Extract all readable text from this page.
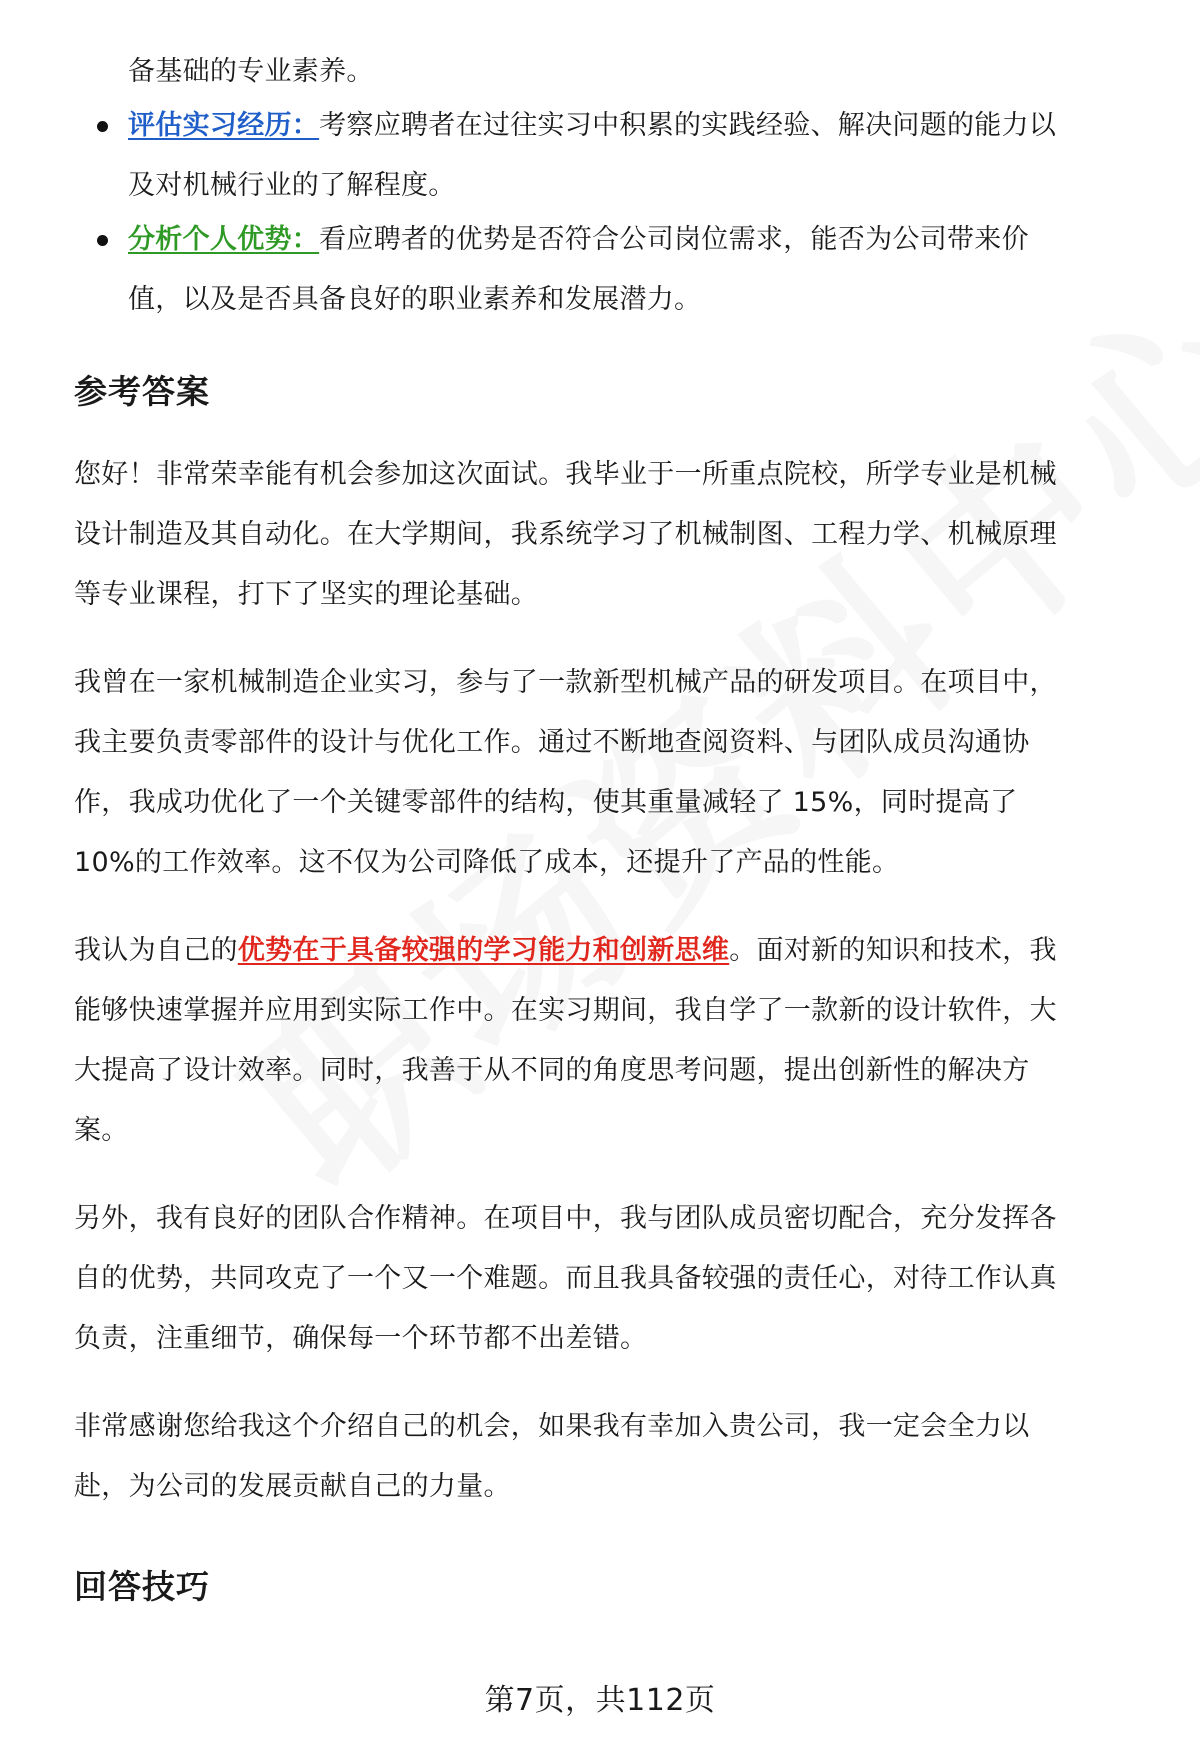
备基础的专业素养。

评估实习经历：考察应聘者在过往实习中积累的实践经验、解决问题的能力以
及对机械行业的了解程度。
分析个人优势：看应聘者的优势是否符合公司岗位需求，能否为公司带来价
值，以及是否具备良好的职业素养和发展潜力。
参考答案
您好！非常荣幸能有机会参加这次面试。我毕业于一所重点院校，所学专业是机械
设计制造及其自动化。在大学期间，我系统学习了机械制图、工程力学、机械原理
等专业课程，打下了坚实的理论基础。
我曾在一家机械制造企业实习，参与了一款新型机械产品的研发项目。在项目中，
我主要负责零部件的设计与优化工作。通过不断地查阅资料、与团队成员沟通协
作，我成功优化了一个关键零部件的结构，使其重量减轻了 15%，同时提高了
10%的工作效率。这不仅为公司降低了成本，还提升了产品的性能。
我认为自己的优势在于具备较强的学习能力和创新思维。面对新的知识和技术，我
能够快速掌握并应用到实际工作中。在实习期间，我自学了一款新的设计软件，大
大提高了设计效率。同时，我善于从不同的角度思考问题，提出创新性的解决方
案。
另外，我有良好的团队合作精神。在项目中，我与团队成员密切配合，充分发挥各
自的优势，共同攻克了一个又一个难题。而且我具备较强的责任心，对待工作认真
负责，注重细节，确保每一个环节都不出差错。
非常感谢您给我这个介绍自己的机会，如果我有幸加入贵公司，我一定会全力以
赴，为公司的发展贡献自己的力量。
回答技巧
第7页，共112页
